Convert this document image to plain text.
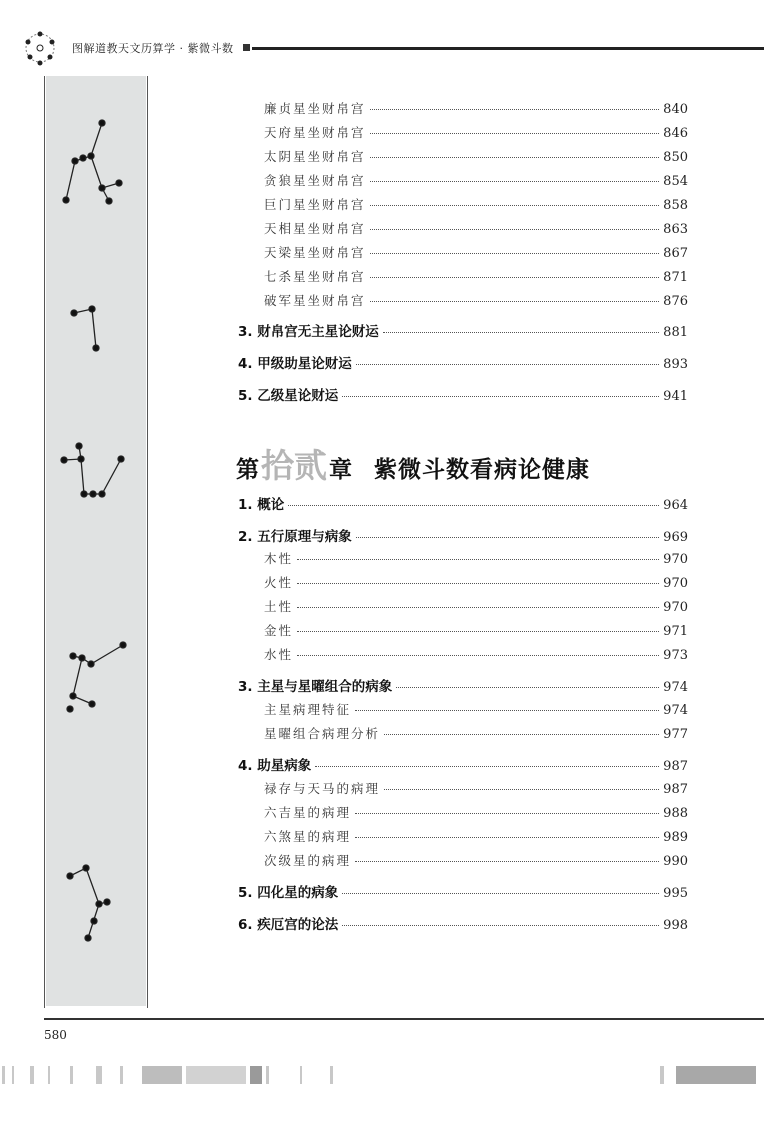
图解道教天文历算学 · 紫微斗数
廉贞星坐财帛宫	840
天府星坐财帛宫	846
太阴星坐财帛宫	850
贪狼星坐财帛宫	854
巨门星坐财帛宫	858
天相星坐财帛宫	863
天梁星坐财帛宫	867
七杀星坐财帛宫	871
破军星坐财帛宫	876
3. 财帛宫无主星论财运	881
4. 甲级助星论财运	893
5. 乙级星论财运	941
1. 概论	964
2. 五行原理与病象	969
木性	970
火性	970
土性	970
金性	971
水性	973
3. 主星与星曜组合的病象	974
主星病理特征	974
星曜组合病理分析	977
4. 助星病象	987
禄存与天马的病理	987
六吉星的病理	988
六煞星的病理	989
次级星的病理	990
5. 四化星的病象	995
6. 疾厄宫的论法	998
第 拾贰 章 紫微斗数看病论健康
580
